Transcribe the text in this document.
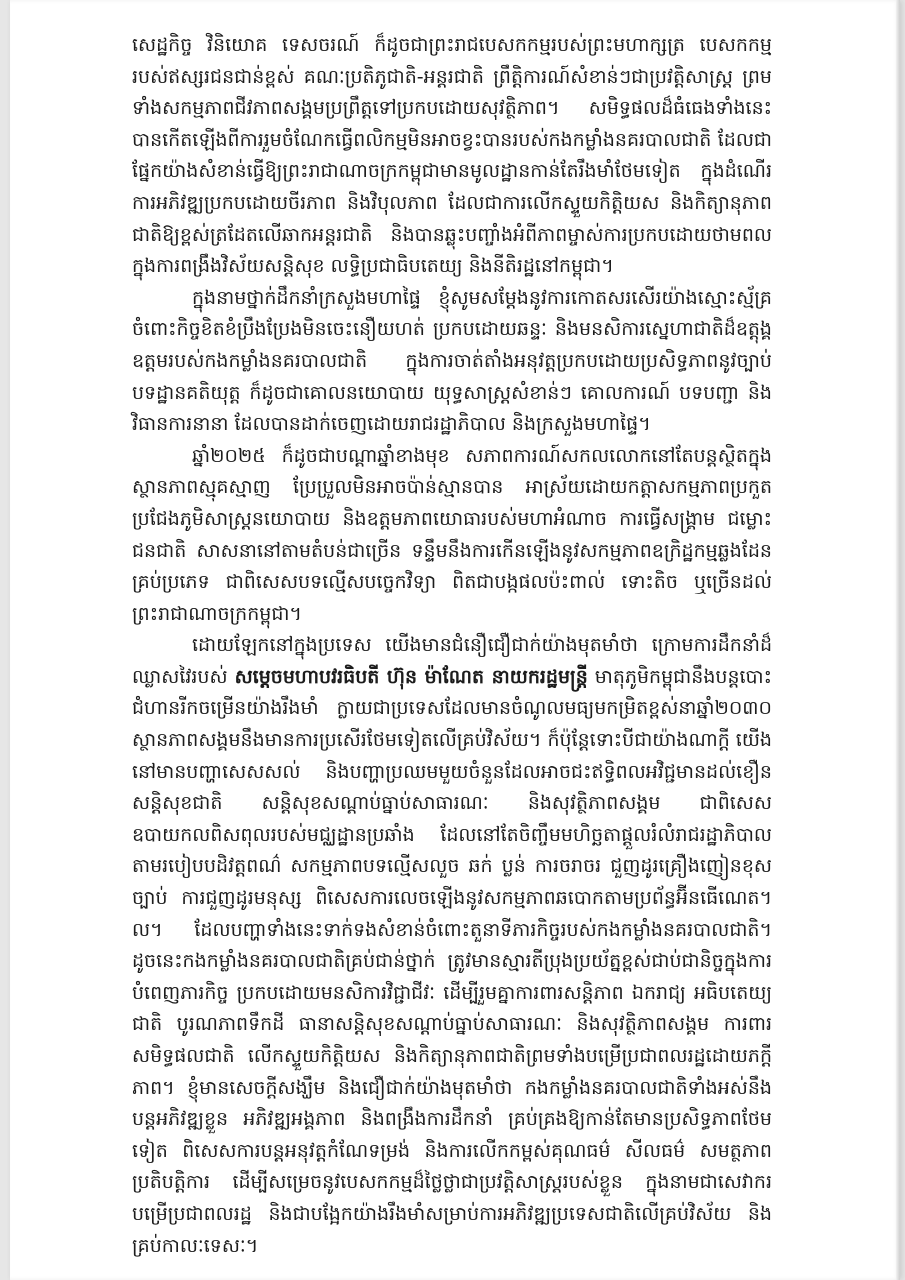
សេដ្ឋកិច្ច វិនិយោគ ទេសចរណ៍ ក៏ដូចជាព្រះរាជបេសកកម្មរបស់ព្រះមហាក្សត្រ បេសកកម្មរបស់ឥស្សរជនជាន់ខ្ពស់ គណៈប្រតិភូជាតិ-អន្តរជាតិ ព្រឹត្តិការណ៍សំខាន់ៗជាប្រវត្តិសាស្ត្រ ព្រមទាំងសកម្មភាពជីវភាពសង្គមប្រព្រឹត្តទៅប្រកបដោយសុវត្ថិភាព។ សមិទ្ធផលដ៏ធំធេងទាំងនេះ បានកើតឡើងពីការរួមចំណែកធ្វើពលិកម្មមិនអាចខ្វះបានរបស់កងកម្លាំងនគរបាលជាតិ ដែលជាផ្នែកយ៉ាងសំខាន់ធ្វើឱ្យព្រះរាជាណាចក្រកម្ពុជាមានមូលដ្ឋានកាន់តែរឹងមាំថែមទៀត ក្នុងដំណើរការអភិវឌ្ឍប្រកបដោយចីរភាព និងវិបុលភាព ដែលជាការលើកស្ទួយកិត្តិយស និងកិត្យានុភាពជាតិឱ្យខ្ពស់ត្រដែតលើឆាកអន្តរជាតិ និងបានឆ្លុះបញ្ចាំងអំពីភាពម្ចាស់ការប្រកបដោយថាមពលក្នុងការពង្រឹងវិស័យសន្តិសុខ លទ្ធិប្រជាធិបតេយ្យ និងនីតិរដ្ឋនៅកម្ពុជា។

ក្នុងនាមថ្នាក់ដឹកនាំក្រសួងមហាផ្ទៃ ខ្ញុំសូមសម្ដែងនូវការកោតសរសើរយ៉ាងស្មោះស្ម័គ្រចំពោះកិច្ចខិតខំប្រឹងប្រែងមិនចេះនឿយហត់ ប្រកបដោយឆន្ទៈ និងមនសិការស្នេហាជាតិដ៏ឧត្តុង្គឧត្តមរបស់កងកម្លាំងនគរបាលជាតិ ក្នុងការចាត់តាំងអនុវត្តប្រកបដោយប្រសិទ្ធភាពនូវច្បាប់ បទដ្ឋានគតិយុត្ត ក៏ដូចជាគោលនយោបាយ យុទ្ធសាស្ត្រសំខាន់ៗ គោលការណ៍ បទបញ្ជា និងវិធានការនានា ដែលបានដាក់ចេញដោយរាជរដ្ឋាភិបាល និងក្រសួងមហាផ្ទៃ។

ឆ្នាំ២០២៥ ក៏ដូចជាបណ្ដាឆ្នាំខាងមុខ សភាពការណ៍សកលលោកនៅតែបន្តស្ថិតក្នុងស្ថានភាពស្មុគស្មាញ ប្រែប្រួលមិនអាចប៉ាន់ស្មានបាន អាស្រ័យដោយកត្តាសកម្មភាពប្រកួតប្រជែងភូមិសាស្ត្រនយោបាយ និងឧត្តមភាពយោធារបស់មហាអំណាច ការធ្វើសង្គ្រាម ជម្លោះជនជាតិ សាសនានៅតាមតំបន់ជាច្រើន ទន្ទឹមនឹងការកើនឡើងនូវសកម្មភាពឧក្រិដ្ឋកម្មឆ្លងដែនគ្រប់ប្រភេទ ជាពិសេសបទល្មើសបច្ចេកវិទ្យា ពិតជាបង្កផលប៉ះពាល់ ទោះតិច ឬច្រើនដល់ព្រះរាជាណាចក្រកម្ពុជា។

ដោយឡែកនៅក្នុងប្រទេស យើងមានជំនឿជឿជាក់យ៉ាងមុតមាំថា ក្រោមការដឹកនាំដ៏ឈ្លាសវៃរបស់ សម្ដេចមហាបវរធិបតី ហ៊ុន ម៉ាណែត នាយករដ្ឋមន្ត្រី មាតុភូមិកម្ពុជានឹងបន្តបោះជំហានរីកចម្រើនយ៉ាងរឹងមាំ ក្លាយជាប្រទេសដែលមានចំណូលមធ្យមកម្រិតខ្ពស់នាឆ្នាំ២០៣០ ស្ថានភាពសង្គមនឹងមានការប្រសើរថែមទៀតលើគ្រប់វិស័យ។ ក៏ប៉ុន្តែទោះបីជាយ៉ាងណាក្តី យើងនៅមានបញ្ហាសេសសល់ និងបញ្ហាប្រឈមមួយចំនួនដែលអាចជះឥទ្ធិពលអវិជ្ជមានដល់ខឿនសន្តិសុខជាតិ សន្តិសុខសណ្ដាប់ធ្នាប់សាធារណៈ និងសុវត្ថិភាពសង្គម ជាពិសេសឧបាយកលពិសពុលរបស់មជ្ឈដ្ឋានប្រឆាំង ដែលនៅតែចិញ្ចឹមមហិច្ឆតាផ្ដួលរំលំរាជរដ្ឋាភិបាលតាមរបៀបបដិវត្តពណ៌ សកម្មភាពបទល្មើសលួច ឆក់ ប្លន់ ការចរាចរ ជួញដូរគ្រឿងញៀនខុសច្បាប់ ការជួញដូរមនុស្ស ពិសេសការលេចឡើងនូវសកម្មភាពឆបោកតាមប្រព័ន្ធអ៊ីនធើណេត។ល។ ដែលបញ្ហាទាំងនេះទាក់ទងសំខាន់ចំពោះតួនាទីភារកិច្ចរបស់កងកម្លាំងនគរបាលជាតិ។ ដូចនេះកងកម្លាំងនគរបាលជាតិគ្រប់ជាន់ថ្នាក់ ត្រូវមានស្មារតីប្រុងប្រយ័ត្នខ្ពស់ជាប់ជានិច្ចក្នុងការបំពេញភារកិច្ច ប្រកបដោយមនសិការវិជ្ជាជីវៈ ដើម្បីរួមគ្នាការពារសន្តិភាព ឯករាជ្យ អធិបតេយ្យជាតិ បូរណភាពទឹកដី ធានាសន្តិសុខសណ្ដាប់ធ្នាប់សាធារណៈ និងសុវត្ថិភាពសង្គម ការពារសមិទ្ធផលជាតិ លើកស្ទួយកិត្តិយស និងកិត្យានុភាពជាតិព្រមទាំងបម្រើប្រជាពលរដ្ឋដោយភក្ដីភាព។ ខ្ញុំមានសេចក្តីសង្ឃឹម និងជឿជាក់យ៉ាងមុតមាំថា កងកម្លាំងនគរបាលជាតិទាំងអស់នឹងបន្តអភិវឌ្ឍខ្លួន អភិវឌ្ឍអង្គភាព និងពង្រឹងការដឹកនាំ គ្រប់គ្រងឱ្យកាន់តែមានប្រសិទ្ធភាពថែមទៀត ពិសេសការបន្តអនុវត្តកំណែទម្រង់ និងការលើកកម្ពស់គុណធម៌ សីលធម៌ សមត្ថភាពប្រតិបត្តិការ ដើម្បីសម្រេចនូវបេសកកម្មដ៏ថ្លៃថ្លាជាប្រវត្តិសាស្ត្ររបស់ខ្លួន ក្នុងនាមជាសេវាករបម្រើប្រជាពលរដ្ឋ និងជាបង្អែកយ៉ាងរឹងមាំសម្រាប់ការអភិវឌ្ឍប្រទេសជាតិលើគ្រប់វិស័យ និងគ្រប់កាលៈទេសៈ។
